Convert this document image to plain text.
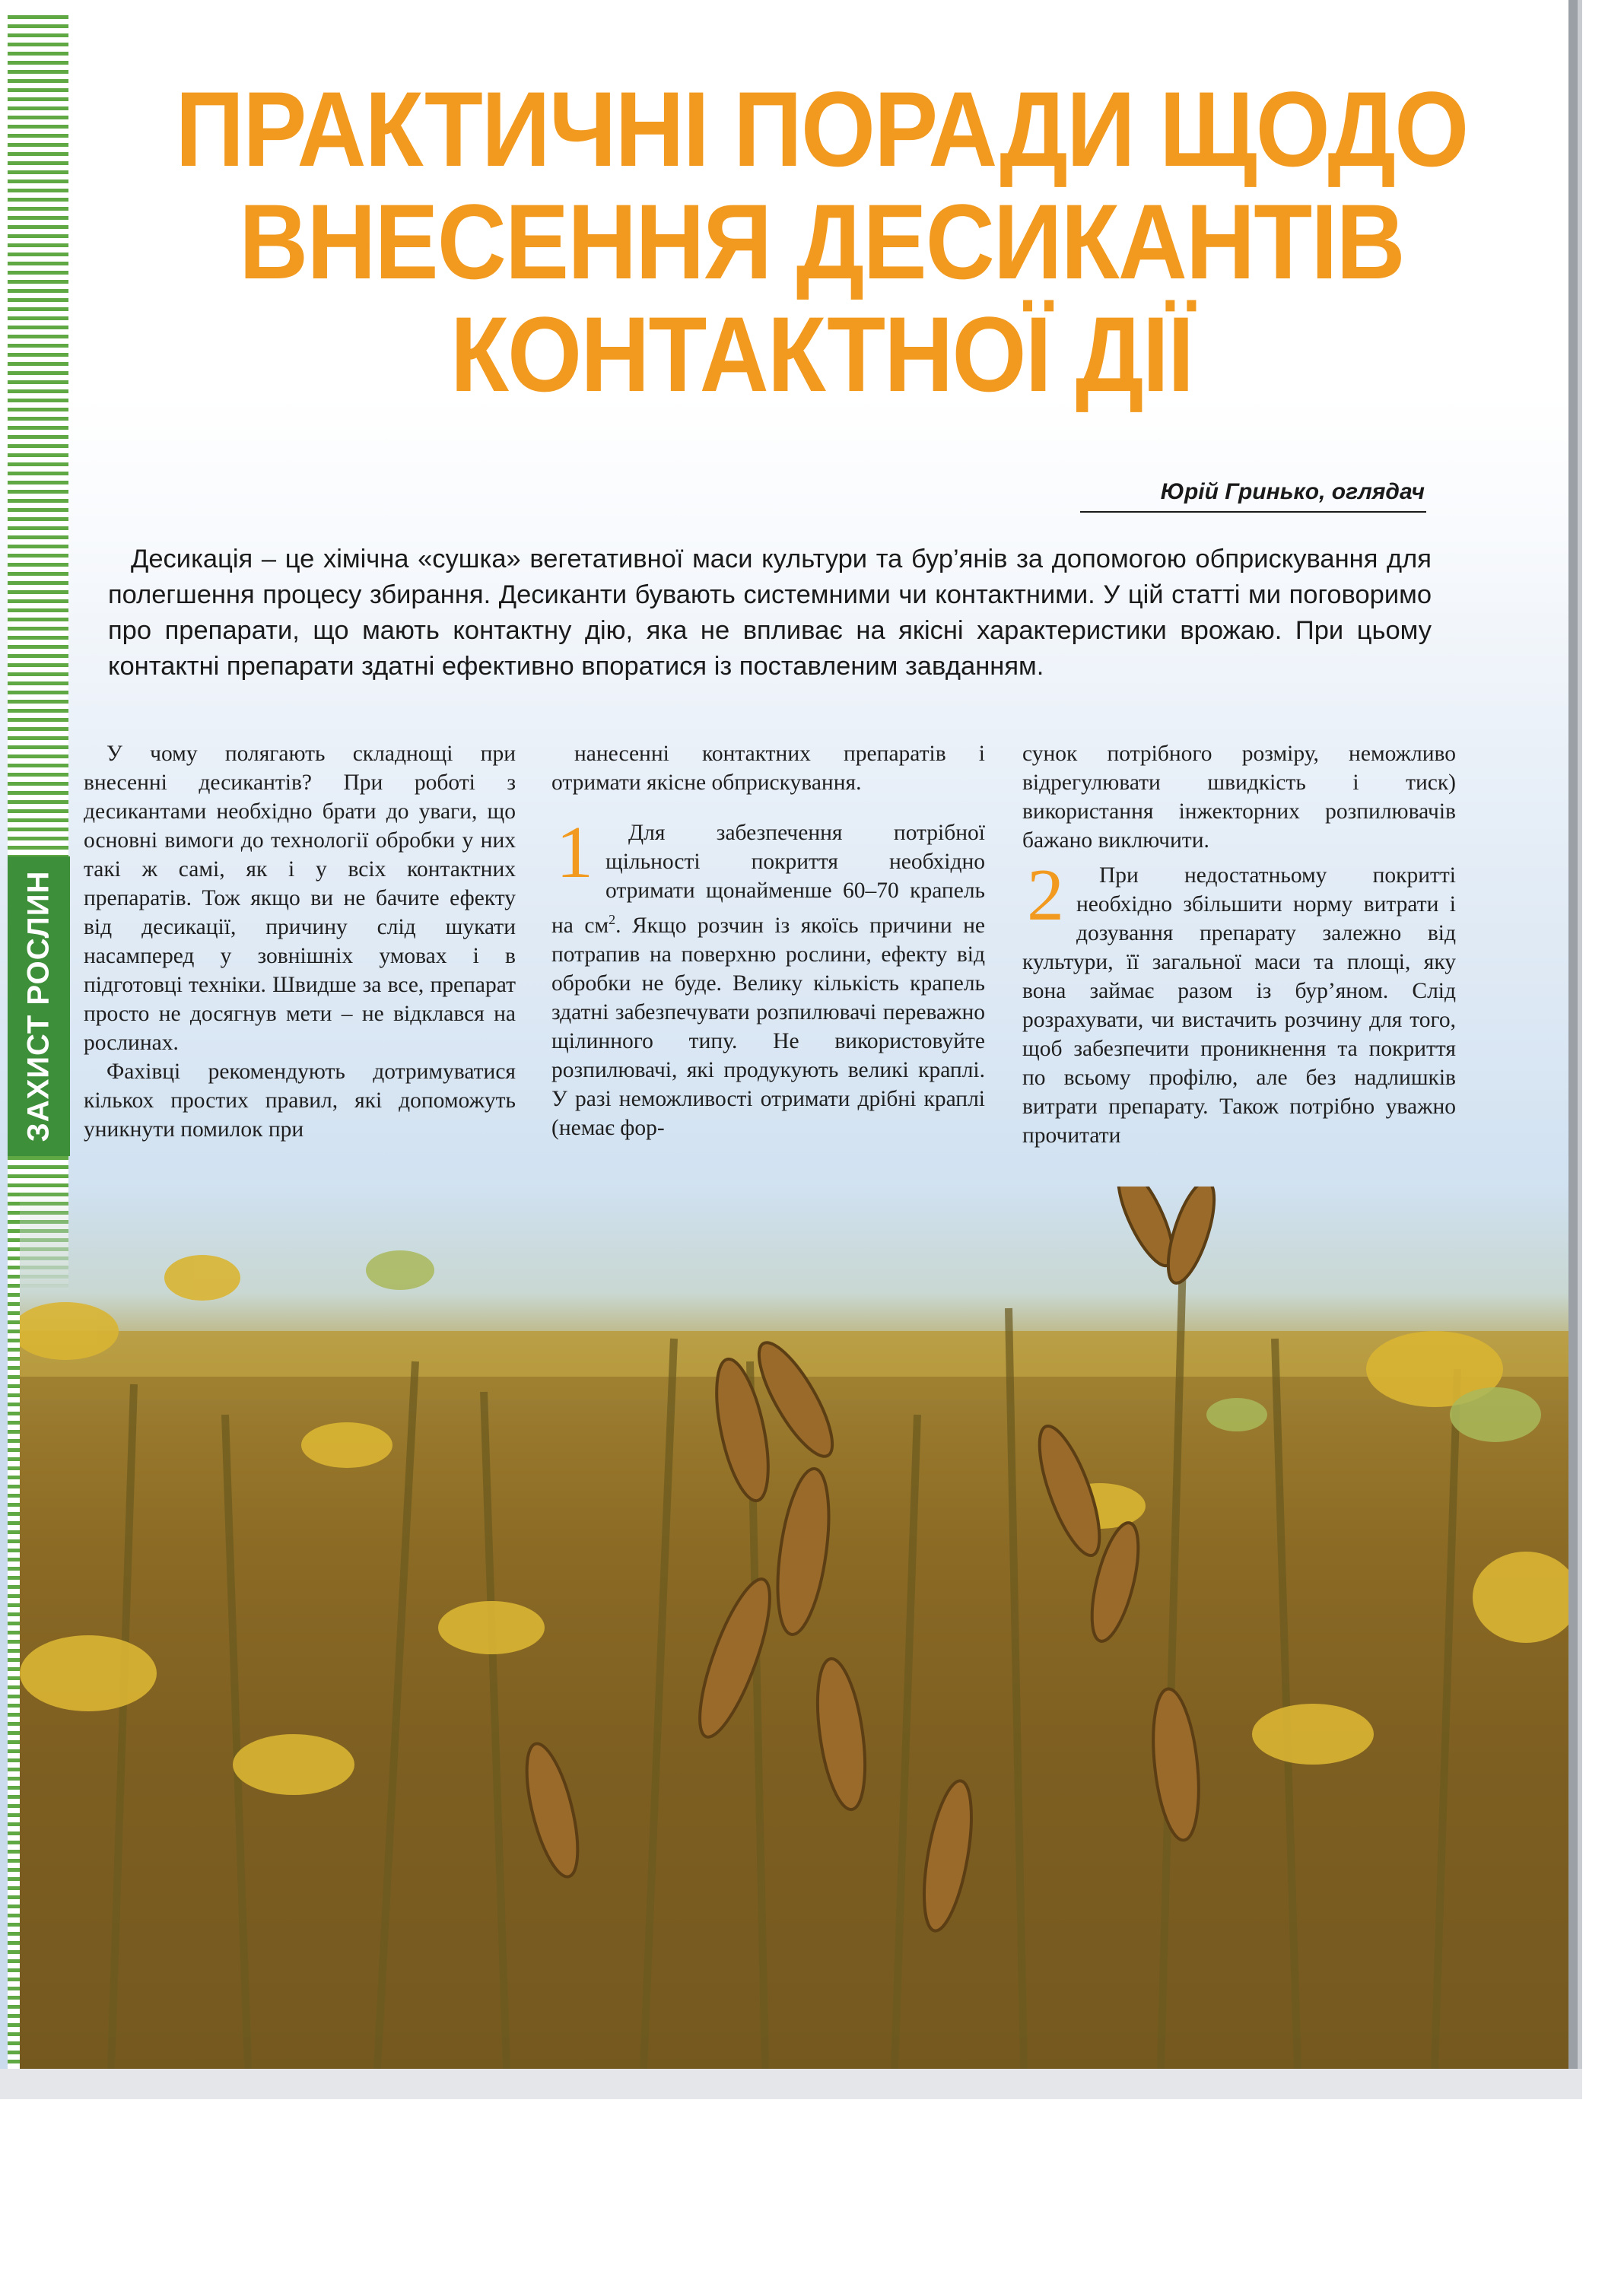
ЗАХИСТ РОСЛИН
ПРАКТИЧНІ ПОРАДИ ЩОДО
ВНЕСЕННЯ ДЕСИКАНТІВ
КОНТАКТНОЇ ДІЇ
Юрій Гринько, оглядач
Десикація – це хімічна «сушка» вегетативної маси культури та бур’янів за допомогою обприскування для полегшення процесу збирання. Десиканти бувають системними чи контактними. У цій статті ми поговоримо про препарати, що мають контактну дію, яка не впливає на якісні характеристики врожаю. При цьому контактні препарати здатні ефективно впоратися із поставленим завданням.

У чому полягають складнощі при внесенні десикантів? При роботі з десикантами необхідно брати до уваги, що основні вимоги до технології обробки у них такі ж самі, як і у всіх контактних препаратів. Тож якщо ви не бачите ефекту від десикації, причину слід шукати насамперед у зовнішніх умовах і в підготовці техніки. Швидше за все, препарат просто не досягнув мети – не відклався на рослинах.

Фахівці рекомендують дотримуватися кількох простих правил, які допоможуть уникнути помилок при

нанесенні контактних препаратів і отримати якісне обприскування.

1	Для забезпечення потрібної щільності покриття необхідно отримати щонайменше 60–70 крапель на $см^2$. Якщо розчин із якоїсь причини не потрапив на поверхню рослини, ефекту від обробки не буде. Велику кількість крапель здатні забезпечувати розпилювачі переважно щілинного типу. Не використовуйте розпилювачі, які продукують великі краплі. У разі неможливості отримати дрібні краплі (немає фор-

сунок потрібного розміру, неможливо відрегулювати швидкість і тиск) використання інжекторних розпилювачів бажано виключити.

2	При недостатньому покритті необхідно збільшити норму витрати і дозування препарату залежно від культури, її загальної маси та площі, яку вона займає разом із бур’яном. Слід розрахувати, чи вистачить розчину для того, щоб забезпечити проникнення та покриття по всьому профілю, але без надлишків витрати препарату. Також потрібно уважно прочитати
